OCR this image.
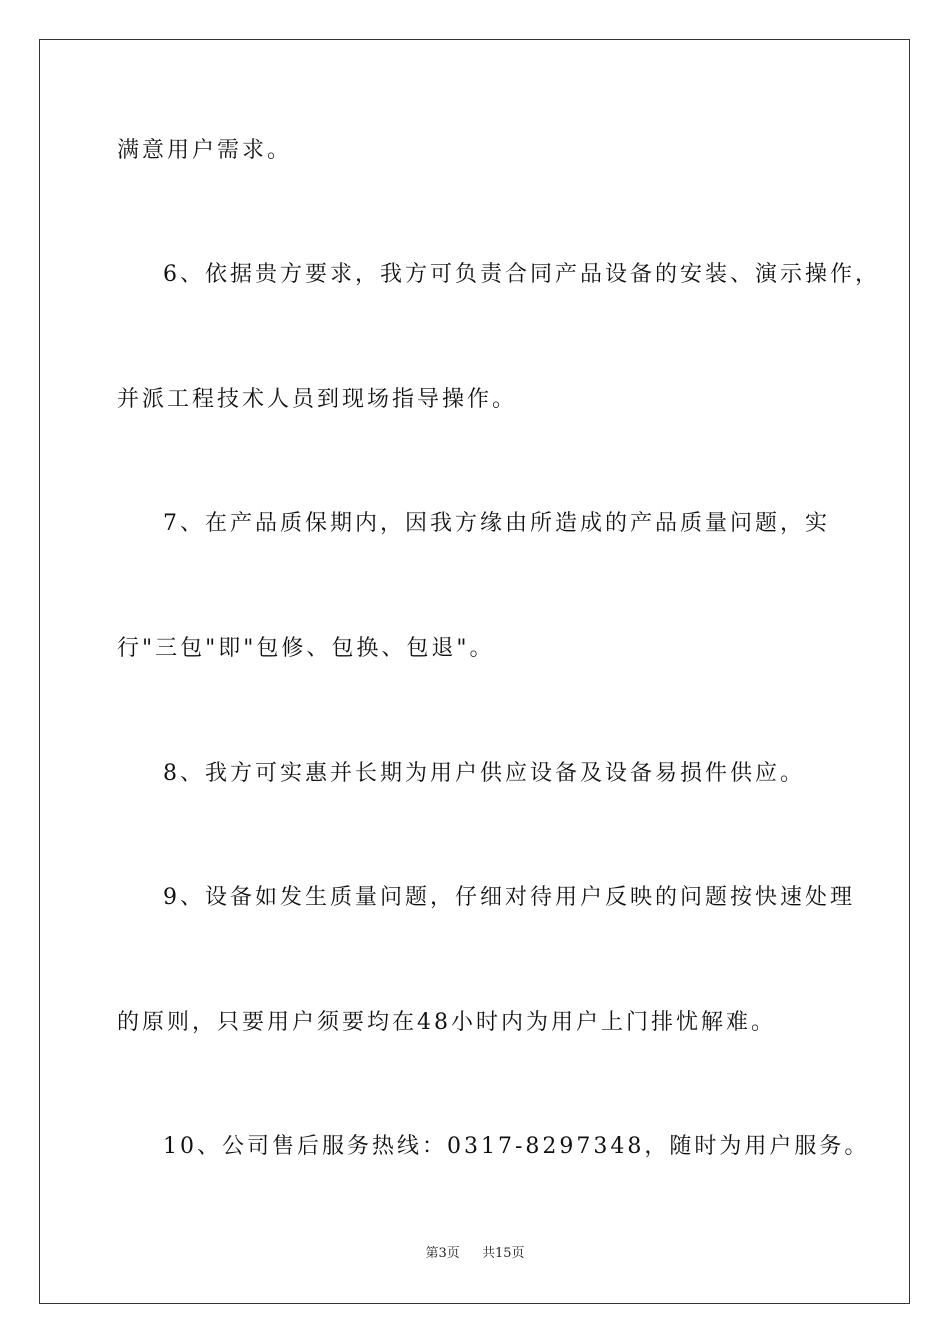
满意用户需求。
6、依据贵方要求，我方可负责合同产品设备的安装、演示操作，
并派工程技术人员到现场指导操作。
7、在产品质保期内，因我方缘由所造成的产品质量问题，实
行"三包"即"包修、包换、包退"。
8、我方可实惠并长期为用户供应设备及设备易损件供应。
9、设备如发生质量问题，仔细对待用户反映的问题按快速处理
的原则，只要用户须要均在48小时内为用户上门排忧解难。
10、公司售后服务热线：0317-8297348，随时为用户服务。
第3页 共15页
